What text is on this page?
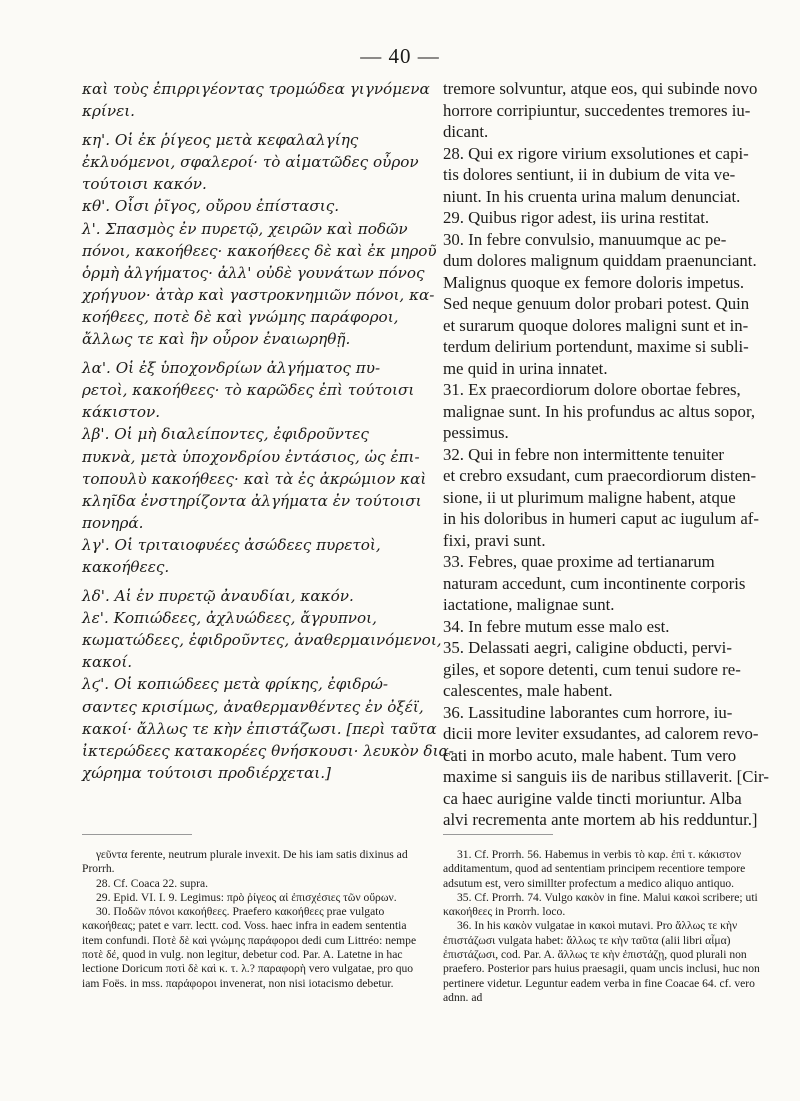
— 40 —
καὶ τοὺς ἐπιρριγέοντας τρομώδεα γιγνόμενα
κρίνει.
κη'. Οἱ ἐκ ῥίγεος μετὰ κεφαλαλγίης
ἐκλυόμενοι, σφαλεροί· τὸ αἱματῶδες οὖρον
τούτοισι κακόν.
κθ'. Οἷσι ῥῖγος, οὔρου ἐπίστασις.
λ'. Σπασμὸς ἐν πυρετῷ, χειρῶν καὶ ποδῶν
πόνοι, κακοήθεες· κακοήθεες δὲ καὶ ἐκ μηροῦ
ὁρμὴ ἀλγήματος· ἀλλ' οὐδὲ γουνάτων πόνος
χρήγυον· ἀτὰρ καὶ γαστροκνημιῶν πόνοι, κα-
κοήθεες, ποτὲ δὲ καὶ γνώμης παράφοροι,
ἄλλως τε καὶ ἢν οὖρον ἐναιωρηθῇ.
λα'. Οἱ ἐξ ὑποχονδρίων ἀλγήματος πυ-
ρετοὶ, κακοήθεες· τὸ καρῶδες ἐπὶ τούτοισι
κάκιστον.
λβ'. Οἱ μὴ διαλείποντες, ἐφιδροῦντες
πυκνὰ, μετὰ ὑποχονδρίου ἐντάσιος, ὡς ἐπι-
τοπουλὺ κακοήθεες· καὶ τὰ ἐς ἀκρώμιον καὶ
κληῖδα ἐνστηρίζοντα ἀλγήματα ἐν τούτοισι
πονηρά.
λγ'. Οἱ τριταιοφυέες ἀσώδεες πυρετοὶ,
κακοήθεες.
λδ'. Αἱ ἐν πυρετῷ ἀναυδίαι, κακόν.
λε'. Κοπιώδεες, ἀχλυώδεες, ἄγρυπνοι,
κωματώδεες, ἐφιδροῦντες, ἀναθερμαινόμενοι,
κακοί.
λϛ'. Οἱ κοπιώδεες μετὰ φρίκης, ἐφιδρώ-
σαντες κρισίμως, ἀναθερμανθέντες ἐν ὀξέϊ,
κακοί· ἄλλως τε κὴν ἐπιστάζωσι. [περὶ ταῦτα
ἰκτερώδεες κατακορέες θνήσκουσι· λευκὸν δια-
χώρημα τούτοισι προδιέρχεται.]
tremore solvuntur, atque eos, qui subinde novo
horrore corripiuntur, succedentes tremores iu-
dicant.
28. Qui ex rigore virium exsolutiones et capi-
tis dolores sentiunt, ii in dubium de vita ve-
niunt. In his cruenta urina malum denunciat.
29. Quibus rigor adest, iis urina restitat.
30. In febre convulsio, manuumque ac pe-
dum dolores malignum quiddam praenunciant.
Malignus quoque ex femore doloris impetus.
Sed neque genuum dolor probari potest. Quin
et surarum quoque dolores maligni sunt et in-
terdum delirium portendunt, maxime si subli-
me quid in urina innatet.
31. Ex praecordiorum dolore obortae febres,
malignae sunt. In his profundus ac altus sopor,
pessimus.
32. Qui in febre non intermittente tenuiter
et crebro exsudant, cum praecordiorum disten-
sione, ii ut plurimum maligne habent, atque
in his doloribus in humeri caput ac iugulum af-
fixi, pravi sunt.
33. Febres, quae proxime ad tertianarum
naturam accedunt, cum incontinente corporis
iactatione, malignae sunt.
34. In febre mutum esse malo est.
35. Delassati aegri, caligine obducti, pervi-
giles, et sopore detenti, cum tenui sudore re-
calescentes, male habent.
36. Lassitudine laborantes cum horrore, iu-
dicii more leviter exsudantes, ad calorem revo-
cati in morbo acuto, male habent. Tum vero
maxime si sanguis iis de naribus stillaverit. [Cir-
ca haec aurigine valde tincti moriuntur. Alba
alvi recrementa ante mortem ab his redduntur.]
γεῦντα ferente, neutrum plurale invexit. De his iam satis dixinus ad Prorrh.
28. Cf. Coaca 22. supra.
29. Epid. VI. I. 9. Legimus: πρὸ ῥίγεος αἱ ἐπισχέσιες τῶν οὔρων.
30. Ποδῶν πόνοι κακοήθεες. Praefero κακοήθεες prae vulgato κακοήθεας; patet e varr. lectt. cod. Voss. haec infra in eadem sententia item confundi. Ποτὲ δὲ καὶ γνώμης παράφοροι dedi cum Littréo: nempe ποτὲ δέ, quod in vulg. non legitur, debetur cod. Par. A. Latetne in hac lectione Doricum ποτὶ δὲ καὶ κ. τ. λ.? παραφορὴ vero vulgatae, pro quo iam Foës. in mss. παράφοροι invenerat, non nisi iotacismo debetur.
31. Cf. Prorrh. 56. Habemus in verbis τὸ καρ. ἐπὶ τ. κάκιστον additamentum, quod ad sententiam principem recentiore tempore adsutum est, vero simillter profectum a medico aliquo antiquo.
35. Cf. Prorrh. 74. Vulgo κακὸν in fine. Malui κακοὶ scribere; uti κακοήθεες in Prorrh. loco.
36. In his κακὸν vulgatae in κακοὶ mutavi. Pro ἄλλως τε κὴν ἐπιστάζωσι vulgata habet: ἄλλως τε κὴν ταῦτα (alii libri αἷμα) ἐπιστάζωσι, cod. Par. A. ἄλλως τε κὴν ἐπιστάζῃ, quod plurali non praefero. Posterior pars huius praesagii, quam uncis inclusi, huc non pertinere videtur. Leguntur eadem verba in fine Coacae 64. cf. vero adnn. ad
